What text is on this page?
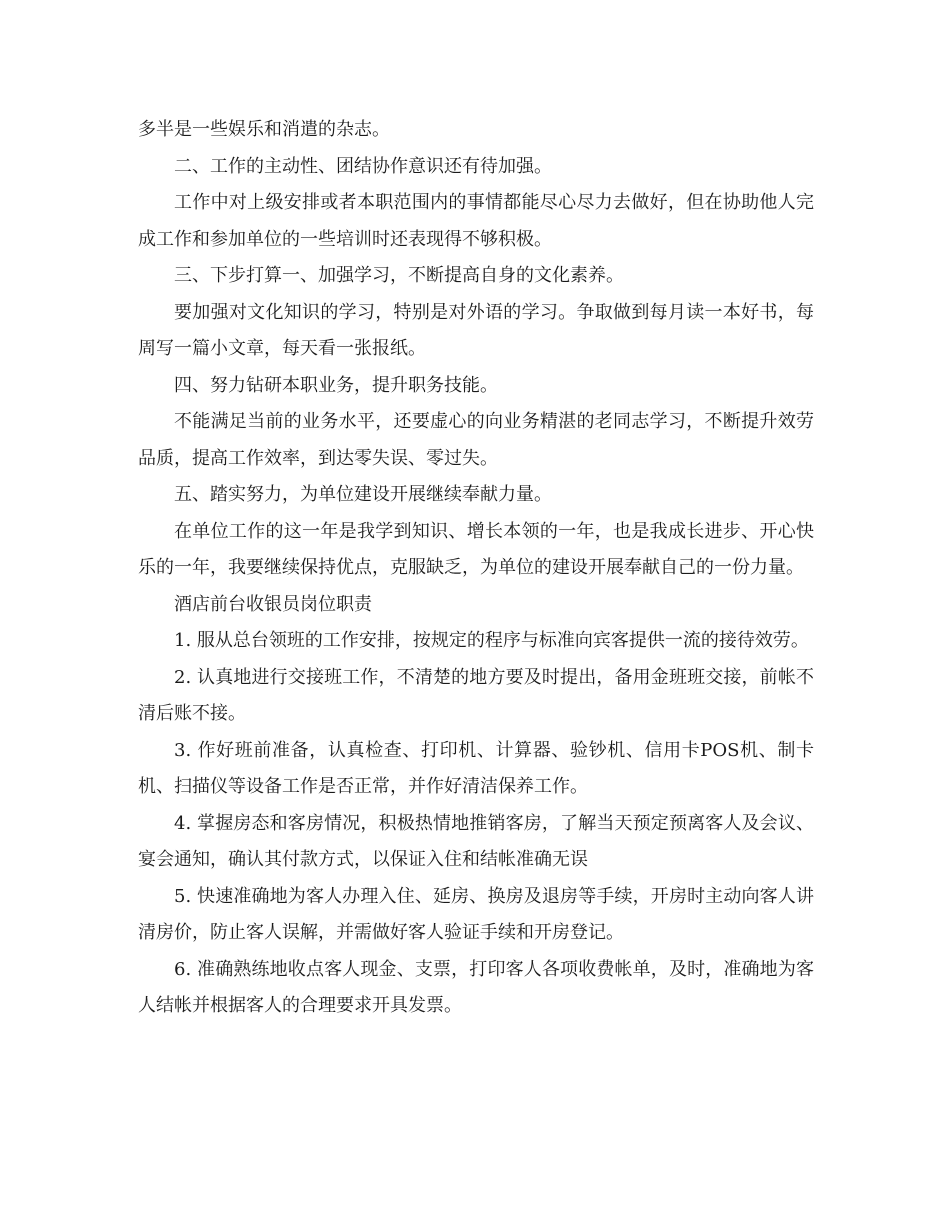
多半是一些娱乐和消遣的杂志。

二、工作的主动性、团结协作意识还有待加强。

工作中对上级安排或者本职范围内的事情都能尽心尽力去做好，但在协助他人完成工作和参加单位的一些培训时还表现得不够积极。

三、下步打算一、加强学习，不断提高自身的文化素养。

要加强对文化知识的学习，特别是对外语的学习。争取做到每月读一本好书，每周写一篇小文章，每天看一张报纸。

四、努力钻研本职业务，提升职务技能。

不能满足当前的业务水平，还要虚心的向业务精湛的老同志学习，不断提升效劳品质，提高工作效率，到达零失误、零过失。

五、踏实努力，为单位建设开展继续奉献力量。

在单位工作的这一年是我学到知识、增长本领的一年，也是我成长进步、开心快乐的一年，我要继续保持优点，克服缺乏，为单位的建设开展奉献自己的一份力量。

酒店前台收银员岗位职责

1. 服从总台领班的工作安排，按规定的程序与标准向宾客提供一流的接待效劳。

2. 认真地进行交接班工作，不清楚的地方要及时提出，备用金班班交接，前帐不清后账不接。

3. 作好班前准备，认真检查、打印机、计算器、验钞机、信用卡POS机、制卡机、扫描仪等设备工作是否正常，并作好清洁保养工作。

4. 掌握房态和客房情况，积极热情地推销客房，了解当天预定预离客人及会议、宴会通知，确认其付款方式，以保证入住和结帐准确无误

5. 快速准确地为客人办理入住、延房、换房及退房等手续，开房时主动向客人讲清房价，防止客人误解，并需做好客人验证手续和开房登记。

6. 准确熟练地收点客人现金、支票，打印客人各项收费帐单，及时，准确地为客人结帐并根据客人的合理要求开具发票。
